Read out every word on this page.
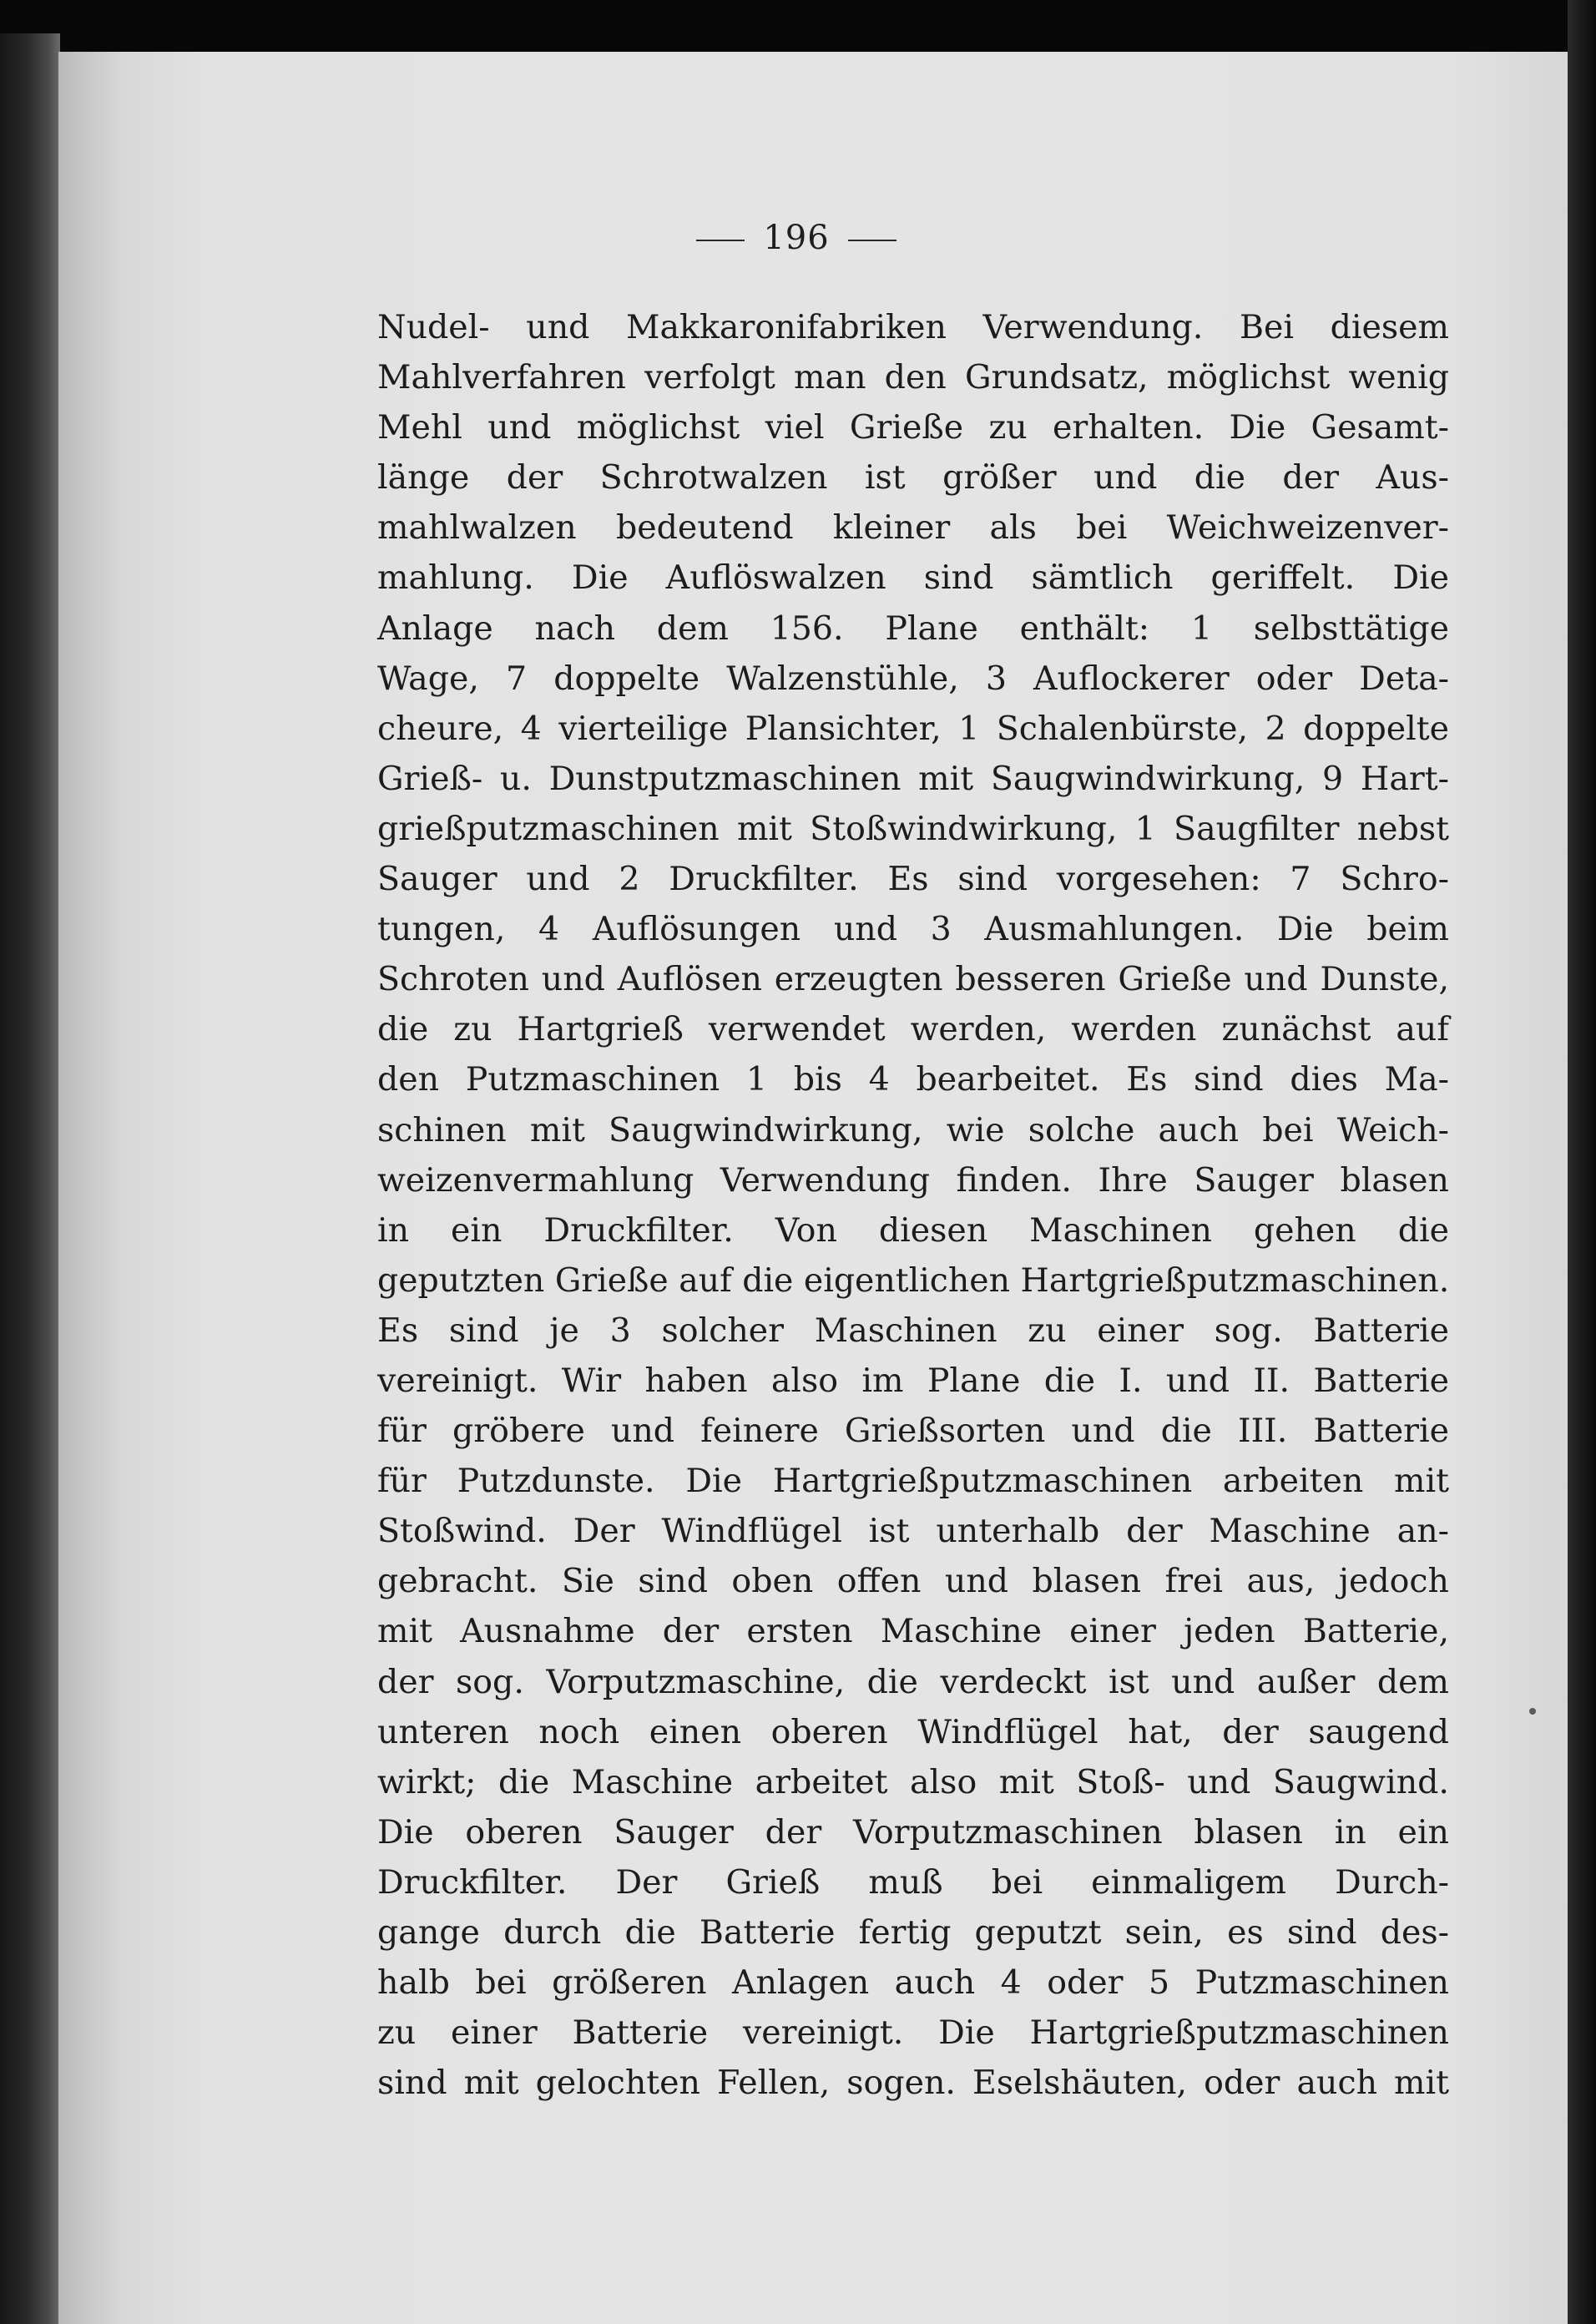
196
Nudel- und Makkaronifabriken Verwendung. Bei diesem
Mahlverfahren verfolgt man den Grundsatz, möglichst wenig
Mehl und möglichst viel Grieße zu erhalten. Die Gesamt-
länge der Schrotwalzen ist größer und die der Aus-
mahlwalzen bedeutend kleiner als bei Weichweizenver-
mahlung. Die Auflöswalzen sind sämtlich geriffelt. Die
Anlage nach dem 156. Plane enthält: 1 selbsttätige
Wage, 7 doppelte Walzenstühle, 3 Auflockerer oder Deta-
cheure, 4 vierteilige Plansichter, 1 Schalenbürste, 2 doppelte
Grieß- u. Dunstputzmaschinen mit Saugwindwirkung, 9 Hart-
grießputzmaschinen mit Stoßwindwirkung, 1 Saugfilter nebst
Sauger und 2 Druckfilter. Es sind vorgesehen: 7 Schro-
tungen, 4 Auflösungen und 3 Ausmahlungen. Die beim
Schroten und Auflösen erzeugten besseren Grieße und Dunste,
die zu Hartgrieß verwendet werden, werden zunächst auf
den Putzmaschinen 1 bis 4 bearbeitet. Es sind dies Ma-
schinen mit Saugwindwirkung, wie solche auch bei Weich-
weizenvermahlung Verwendung finden. Ihre Sauger blasen
in ein Druckfilter. Von diesen Maschinen gehen die
geputzten Grieße auf die eigentlichen Hartgrießputzmaschinen.
Es sind je 3 solcher Maschinen zu einer sog. Batterie
vereinigt. Wir haben also im Plane die I. und II. Batterie
für gröbere und feinere Grießsorten und die III. Batterie
für Putzdunste. Die Hartgrießputzmaschinen arbeiten mit
Stoßwind. Der Windflügel ist unterhalb der Maschine an-
gebracht. Sie sind oben offen und blasen frei aus, jedoch
mit Ausnahme der ersten Maschine einer jeden Batterie,
der sog. Vorputzmaschine, die verdeckt ist und außer dem
unteren noch einen oberen Windflügel hat, der saugend
wirkt; die Maschine arbeitet also mit Stoß- und Saugwind.
Die oberen Sauger der Vorputzmaschinen blasen in ein
Druckfilter. Der Grieß muß bei einmaligem Durch-
gange durch die Batterie fertig geputzt sein, es sind des-
halb bei größeren Anlagen auch 4 oder 5 Putzmaschinen
zu einer Batterie vereinigt. Die Hartgrießputzmaschinen
sind mit gelochten Fellen, sogen. Eselshäuten, oder auch mit
